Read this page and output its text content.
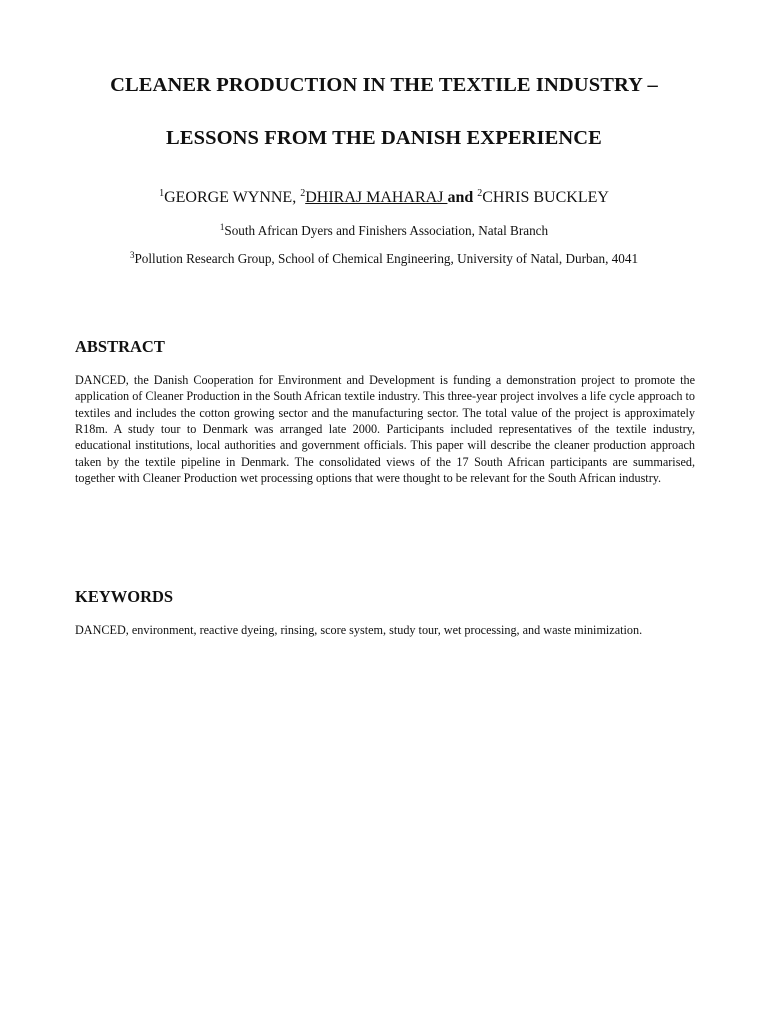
CLEANER PRODUCTION IN THE TEXTILE INDUSTRY –
LESSONS FROM THE DANISH EXPERIENCE

$^1$GEORGE WYNNE, $^2$DHIRAJ MAHARAJ and $^2$CHRIS BUCKLEY

$^1$South African Dyers and Finishers Association, Natal Branch

$^3$Pollution Research Group, School of Chemical Engineering, University of Natal, Durban, 4041

ABSTRACT

DANCED, the Danish Cooperation for Environment and Development is funding a demonstration project to promote the application of Cleaner Production in the South African textile industry. This three-year project involves a life cycle approach to textiles and includes the cotton growing sector and the manufacturing sector. The total value of the project is approximately R18m. A study tour to Denmark was arranged late 2000. Participants included representatives of the textile industry, educational institutions, local authorities and government officials. This paper will describe the cleaner production approach taken by the textile pipeline in Denmark. The consolidated views of the 17 South African participants are summarised, together with Cleaner Production wet processing options that were thought to be relevant for the South African industry.

KEYWORDS

DANCED, environment, reactive dyeing, rinsing, score system, study tour, wet processing, and waste minimization.
